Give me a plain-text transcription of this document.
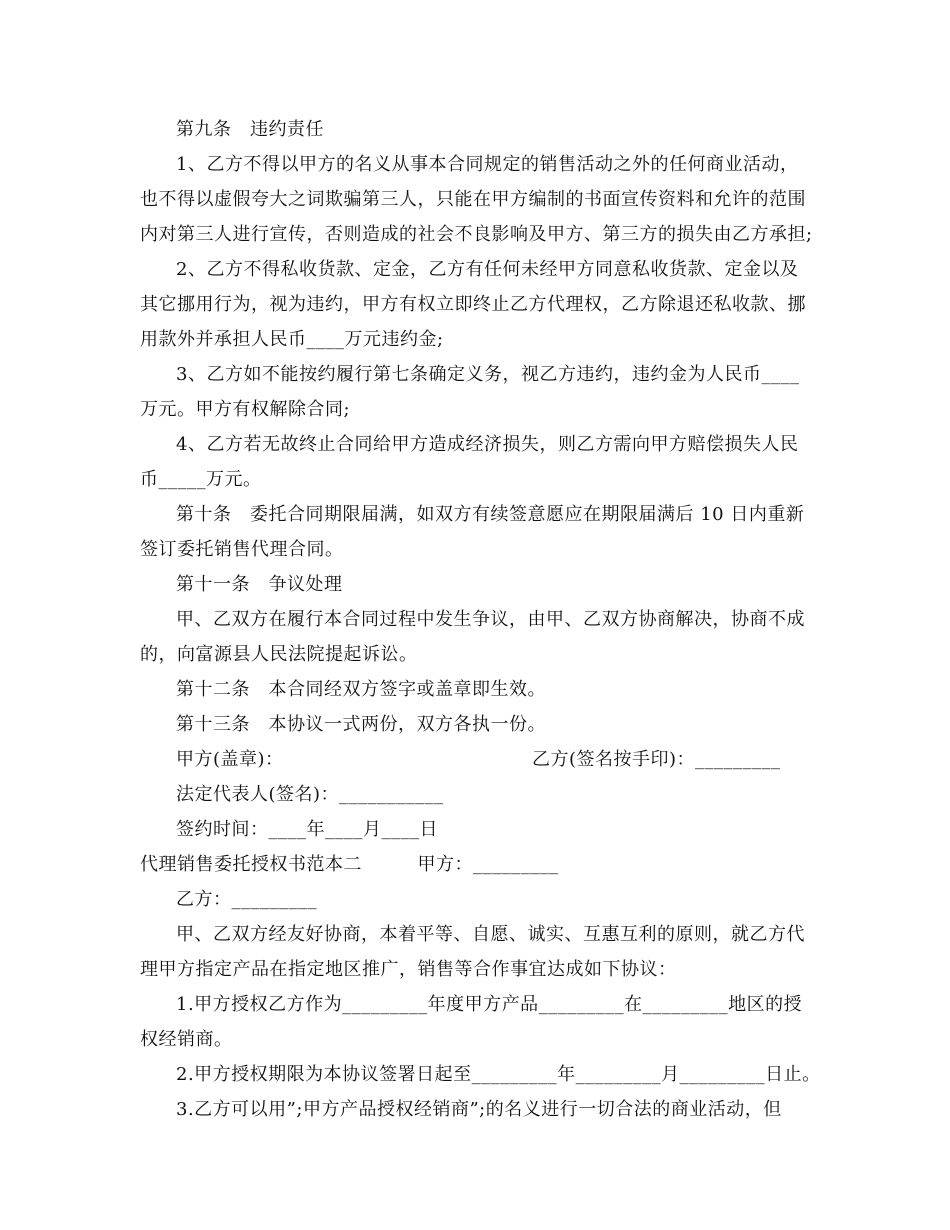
第九条　违约责任
1、乙方不得以甲方的名义从事本合同规定的销售活动之外的任何商业活动，
也不得以虚假夸大之词欺骗第三人，只能在甲方编制的书面宣传资料和允许的范围
内对第三人进行宣传，否则造成的社会不良影响及甲方、第三方的损失由乙方承担;
2、乙方不得私收货款、定金，乙方有任何未经甲方同意私收货款、定金以及
其它挪用行为，视为违约，甲方有权立即终止乙方代理权，乙方除退还私收款、挪
用款外并承担人民币____万元违约金;
3、乙方如不能按约履行第七条确定义务，视乙方违约，违约金为人民币____
万元。甲方有权解除合同;
4、乙方若无故终止合同给甲方造成经济损失，则乙方需向甲方赔偿损失人民
币_____万元。
第十条　委托合同期限届满，如双方有续签意愿应在期限届满后 10 日内重新
签订委托销售代理合同。
第十一条　争议处理
甲、乙双方在履行本合同过程中发生争议，由甲、乙双方协商解决，协商不成
的，向富源县人民法院提起诉讼。
第十二条　本合同经双方签字或盖章即生效。
第十三条　本协议一式两份，双方各执一份。
甲方(盖章)：	乙方(签名按手印)：_________
法定代表人(签名)：___________
签约时间：____年____月____日
代理销售委托授权书范本二　　　甲方：_________
乙方：_________
甲、乙双方经友好协商，本着平等、自愿、诚实、互惠互利的原则，就乙方代
理甲方指定产品在指定地区推广，销售等合作事宜达成如下协议：
1.甲方授权乙方作为_________年度甲方产品_________在_________地区的授
权经销商。
2.甲方授权期限为本协议签署日起至_________年_________月_________日止。
3.乙方可以用”;甲方产品授权经销商”;的名义进行一切合法的商业活动，但
